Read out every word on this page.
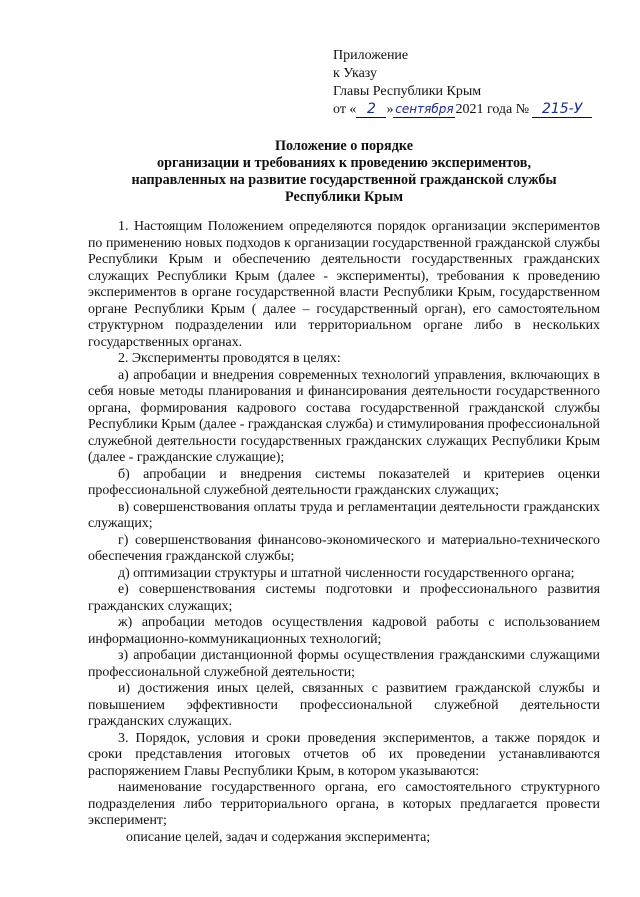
Приложение
к Указу
Главы Республики Крым
от « 2 » сентября 2021 года № 215-У
Положение о порядке
организации и требованиях к проведению экспериментов,
направленных на развитие государственной гражданской службы
Республики Крым

1. Настоящим Положением определяются порядок организации экспериментов по применению новых подходов к организации государственной гражданской службы Республики Крым и обеспечению деятельности государственных гражданских служащих Республики Крым (далее - эксперименты), требования к проведению экспериментов в органе государственной власти Республики Крым, государственном органе Республики Крым ( далее – государственный орган), его самостоятельном структурном подразделении или территориальном органе либо в нескольких государственных органах.

2. Эксперименты проводятся в целях:

а) апробации и внедрения современных технологий управления, включающих в себя новые методы планирования и финансирования деятельности государственного органа, формирования кадрового состава государственной гражданской службы Республики Крым (далее - гражданская служба) и стимулирования профессиональной служебной деятельности государственных гражданских служащих Республики Крым (далее - гражданские служащие);

б) апробации и внедрения системы показателей и критериев оценки профессиональной служебной деятельности гражданских служащих;

в) совершенствования оплаты труда и регламентации деятельности гражданских служащих;

г) совершенствования финансово-экономического и материально-технического обеспечения гражданской службы;

д) оптимизации структуры и штатной численности государственного органа;

е) совершенствования системы подготовки и профессионального развития гражданских служащих;

ж) апробации методов осуществления кадровой работы с использованием информационно-коммуникационных технологий;

з) апробации дистанционной формы осуществления гражданскими служащими профессиональной служебной деятельности;

и) достижения иных целей, связанных с развитием гражданской службы и повышением эффективности профессиональной служебной деятельности гражданских служащих.

3. Порядок, условия и сроки проведения экспериментов, а также порядок и сроки представления итоговых отчетов об их проведении устанавливаются распоряжением Главы Республики Крым, в котором указываются:

наименование государственного органа, его самостоятельного структурного подразделения либо территориального органа, в которых предлагается провести эксперимент;

описание целей, задач и содержания эксперимента;
